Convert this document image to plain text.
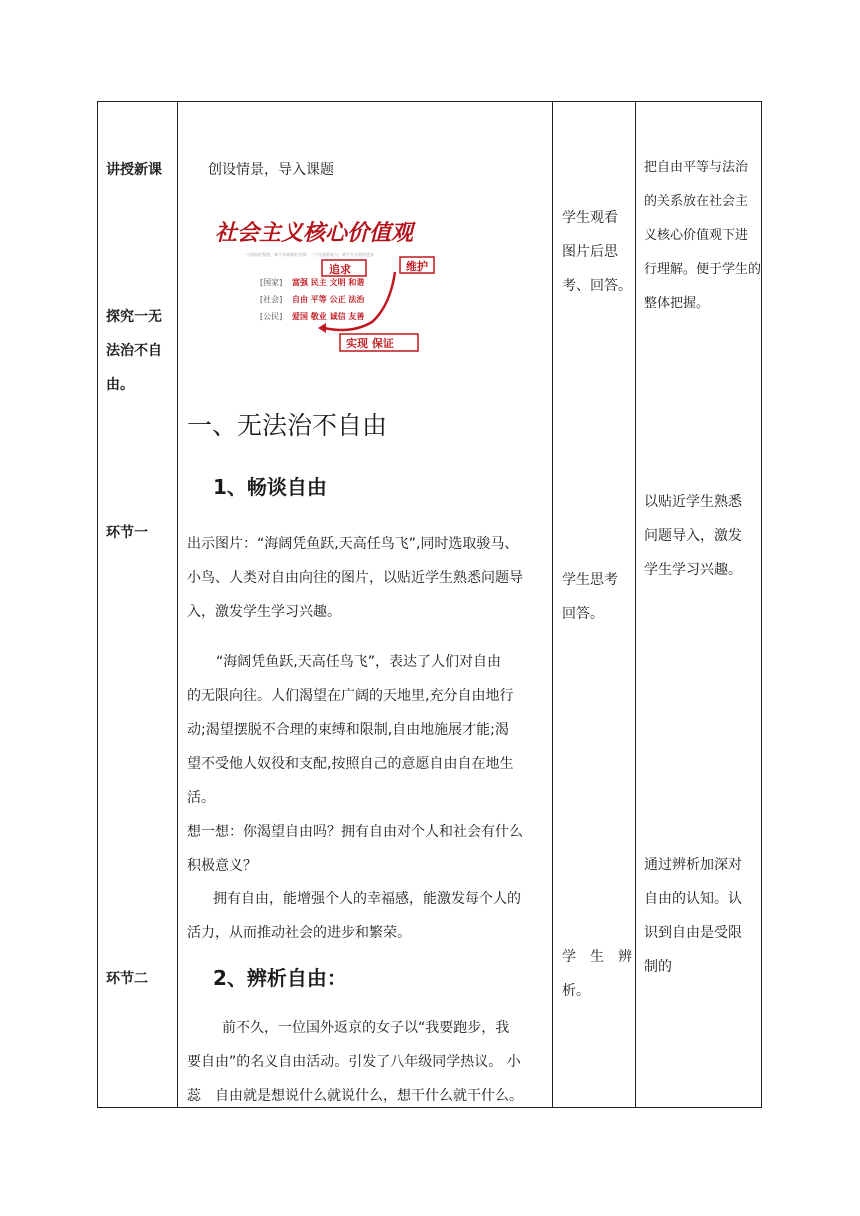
讲授新课
探究一无
法治不自
由。
环节一
环节二
创设情景，导入课题
社会主义核心价值观
一个国家的强盛，离不开精神的支撑；一个民族的复兴，离不开文明的进步
[国家] 富强 民主 文明 和谐
[社会] 自由 平等 公正 法治
[公民] 爱国 敬业 诚信 友善
追求	维护
实现 保证
一、无法治不自由
1、畅谈自由
出示图片：“海阔凭鱼跃,天高任鸟飞”,同时选取骏马、
小鸟、人类对自由向往的图片，以贴近学生熟悉问题导
入，激发学生学习兴趣。
“海阔凭鱼跃,天高任鸟飞”，表达了人们对自由
的无限向往。人们渴望在广阔的天地里,充分自由地行
动;渴望摆脱不合理的束缚和限制,自由地施展才能;渴
望不受他人奴役和支配,按照自己的意愿自由自在地生
活。
想一想：你渴望自由吗？拥有自由对个人和社会有什么
积极意义？
拥有自由，能增强个人的幸福感，能激发每个人的
活力，从而推动社会的进步和繁荣。
2、辨析自由：
前不久，一位国外返京的女子以“我要跑步，我
要自由”的名义自由活动。引发了八年级同学热议。 小
蕊　自由就是想说什么就说什么，想干什么就干什么。
学生观看
图片后思
考、回答。
学生思考
回答。
学　生　辨
析。
把自由平等与法治
的关系放在社会主
义核心价值观下进
行理解。便于学生的
整体把握。
以贴近学生熟悉
问题导入，激发
学生学习兴趣。
通过辨析加深对
自由的认知。认
识到自由是受限
制的
